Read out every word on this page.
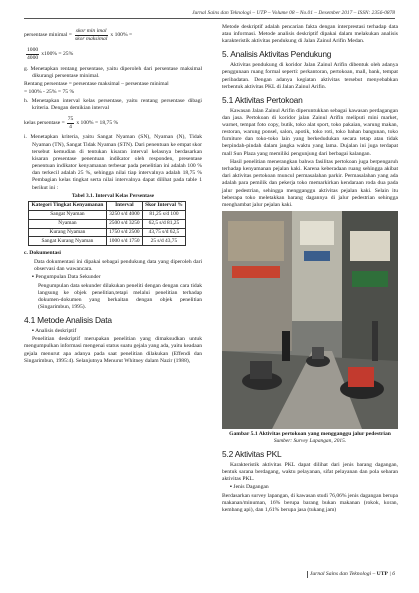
Jurnal Sains dan Teknologi – UTP – Volume 08 – No.01 – Desember 2017 – ISSN: 2356-0878
persentase minimal = $\frac{\text{skor min imal}}{\text{skor maksimal}}$ x 100% =
$\frac{1000}{4000} x100\% = 25\%$

g. Menetapkan rentang persentase, yaitu diperoleh dari persentase maksimal dikurangi persentase minimal.

Rentang persentase = persentase maksimal – persentase minimal

= 100% - 25% = 75 %

h. Menetapkan interval kelas persentase, yaitu rentang persentase dibagi kriteria. Dengan demikian interval

kelas persentase = $\frac{75}{4}$ x 100% = 18,75 %

i. Menetapkan kriteria, yaitu Sangat Nyaman (SN), Nyaman (N), Tidak Nyaman (TN), Sangat Tidak Nyaman (STN). Dari penentuan ke empat skor tersebut kemudian di tentukan kisaran interval kelasnya berdasarkan kisaran presentase penentuan indikator oleh responden, presentase penentuan indikator kenyamanan terbesar pada penelitian ini adalah 100 % dan terkecil adalah 25 %, sehingga nilai tiap intervalnya adalah 18,75 % Pembagian kelas tingkat serta nilai intervalnya dapat dilihat pada table 1 berikut ini :

Tabel 3.1. Interval Kelas Persentase
Kategori Tingkat Kenyamanan	Interval	Skor Interval %
Sangat Nyaman	3250 s/d 4000	81,25 s/d 100
Nyaman	2500 s/d 3250	62,5 s/d 81,25
Kurang Nyaman	1750 s/d 2500	43,75 s/d 62,5
Sangat Kurang Nyaman	1000 s/d 1750	25 s/d 43,75

c. Dokumentasi

Data dokumentasi ini dipakai sebagai pendukung data yang diperoleh dari observasi dan wawancara.

▪ Pengumpulan Data Sekunder

Pengumpulan data sekunder dilakukan peneliti dengan dengan cara tidak langsung ke objek penelitian,tetapi melalui penelitian terhadap dokumen-dokumen yang berkaitan dengan objek penelitian (Singarimbun, 1995).

4.1 Metode Analisis Data

▪ Analisis deskriptif

Penelitian deskriptif merupakan penelitian yang dimaksudkan untuk mengumpulkan informasi mengenai status suatu gejala yang ada, yaitu keadaan gejala menurut apa adanya pada saat penelitian dilakukan (Effendi dan Singarimbun, 1995:4). Selanjutnya Menurut Whitney dalam Nazir (1988),

Metode deskriptif adalah pencarian fakta dengan interprestasi terhadap data atau informasi. Metode analisis deskriptif dipakai dalam melakukan analisis karakteristik aktivitas pendukung di Jalan Zainul Arifin Medan.

5. Analisis Aktivitas Pendukung

Aktivitas pendukung di koridor Jalan Zainul Arifin dibentuk oleh adanya penggunaan ruang formal seperti: perkantoran, pertokoan, mall, bank, tempat peribadatan. Dengan adanya kegiatan aktivitas tersebut menyebabkan terbentuk aktivitas PKL di Jalan Zainul Arifin.

5.1 Aktivitas Pertokoan

Kawasan Jalan Zainul Arifin diperuntukkan sebagai kawasan perdagangan dan jasa. Pertokoan di koridor jalan Zainul Arifin meliputi mini market, warnet, tempat foto copy, butik, toko alat sport, toko pakaian, warung makan, restoran, warung ponsel, salon, apotik, toko roti, toko bahan bangunan, toko furniture dan toko-toko lain yang berkedudukan secara tetap atau tidak berpindah-pindah dalam jangka waktu yang lama. Dujalan ini juga terdapat mall Sun Plaza yang memiliki pengunjung dari berbagai kalangan.

Hasil penelitian menerangkan bahwa fasilitas pertokoan juga berpengaruh terhadap kenyamanan pejalan kaki. Karena keberadaan ruang sehingga akibat dari aktivitas pertokoan muncul permasalahan parkir. Permasalahan yang ada adalah para pemilik dan pekerja toko memarkirkan kendaraan roda dua pada jalur pedestrian, sehingga mengganggu aktivitas pejalan kaki. Selain itu beberapa toko meletakkan barang dagannya di jalur pedestrian sehingga menghambat jalur pejalan kaki.

Gambar 5.1 Aktivitas pertokoan yang mengganggu jalur pedestrian
Sumber: Survey Lapangan, 2015.
5.2 Aktivitas PKL

Karakteristik aktivitas PKL dapat dilihat dari jenis barang dagangan, bentuk sarana berdagang, waktu pelayanan, sifat pelayanan dan pola sebaran aktivitas PKL.

▪ Jenis Dagangan

Berdasarkan survey lapangan, di kawasan studi 76,06% jenis dagangan berupa makanan/minuman, 16% berupa barang bukan makanan (rokok, koran, kembang api), dan 1,61% berupa jasa (tukang jam)

Jurnal Sains dan Teknologi – UTP | 6
